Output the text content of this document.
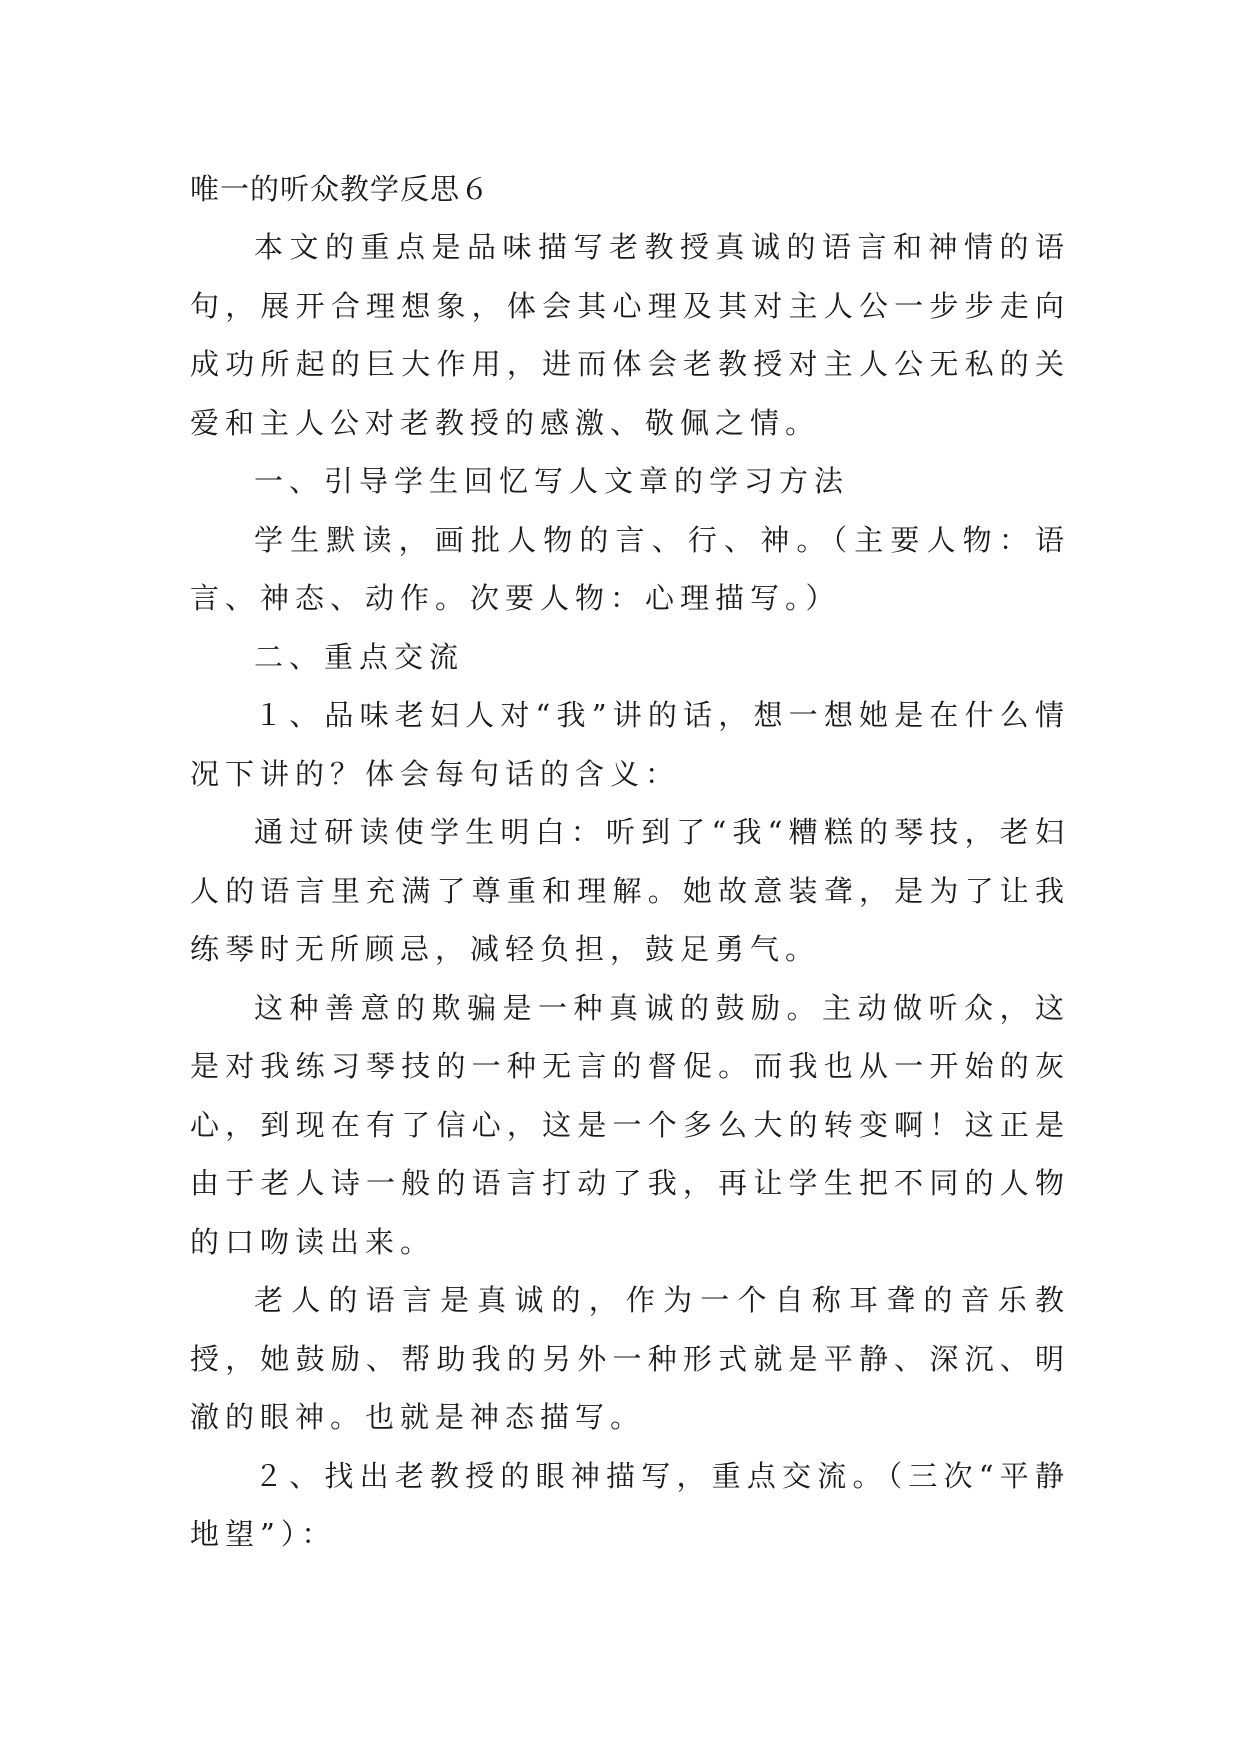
唯一的听众教学反思６

本文的重点是品味描写老教授真诚的语言和神情的语句，展开合理想象，体会其心理及其对主人公一步步走向成功所起的巨大作用，进而体会老教授对主人公无私的关爱和主人公对老教授的感激、敬佩之情。

一、引导学生回忆写人文章的学习方法

学生默读，画批人物的言、行、神。（主要人物：语言、神态、动作。次要人物：心理描写。）

二、重点交流

１、品味老妇人对“我”讲的话，想一想她是在什么情况下讲的？体会每句话的含义：

通过研读使学生明白：听到了“我“糟糕的琴技，老妇人的语言里充满了尊重和理解。她故意装聋，是为了让我练琴时无所顾忌，减轻负担，鼓足勇气。

这种善意的欺骗是一种真诚的鼓励。主动做听众，这是对我练习琴技的一种无言的督促。而我也从一开始的灰心，到现在有了信心，这是一个多么大的转变啊！这正是由于老人诗一般的语言打动了我，再让学生把不同的人物的口吻读出来。

老人的语言是真诚的，作为一个自称耳聋的音乐教授，她鼓励、帮助我的另外一种形式就是平静、深沉、明澈的眼神。也就是神态描写。

２、找出老教授的眼神描写，重点交流。（三次“平静地望”）：
